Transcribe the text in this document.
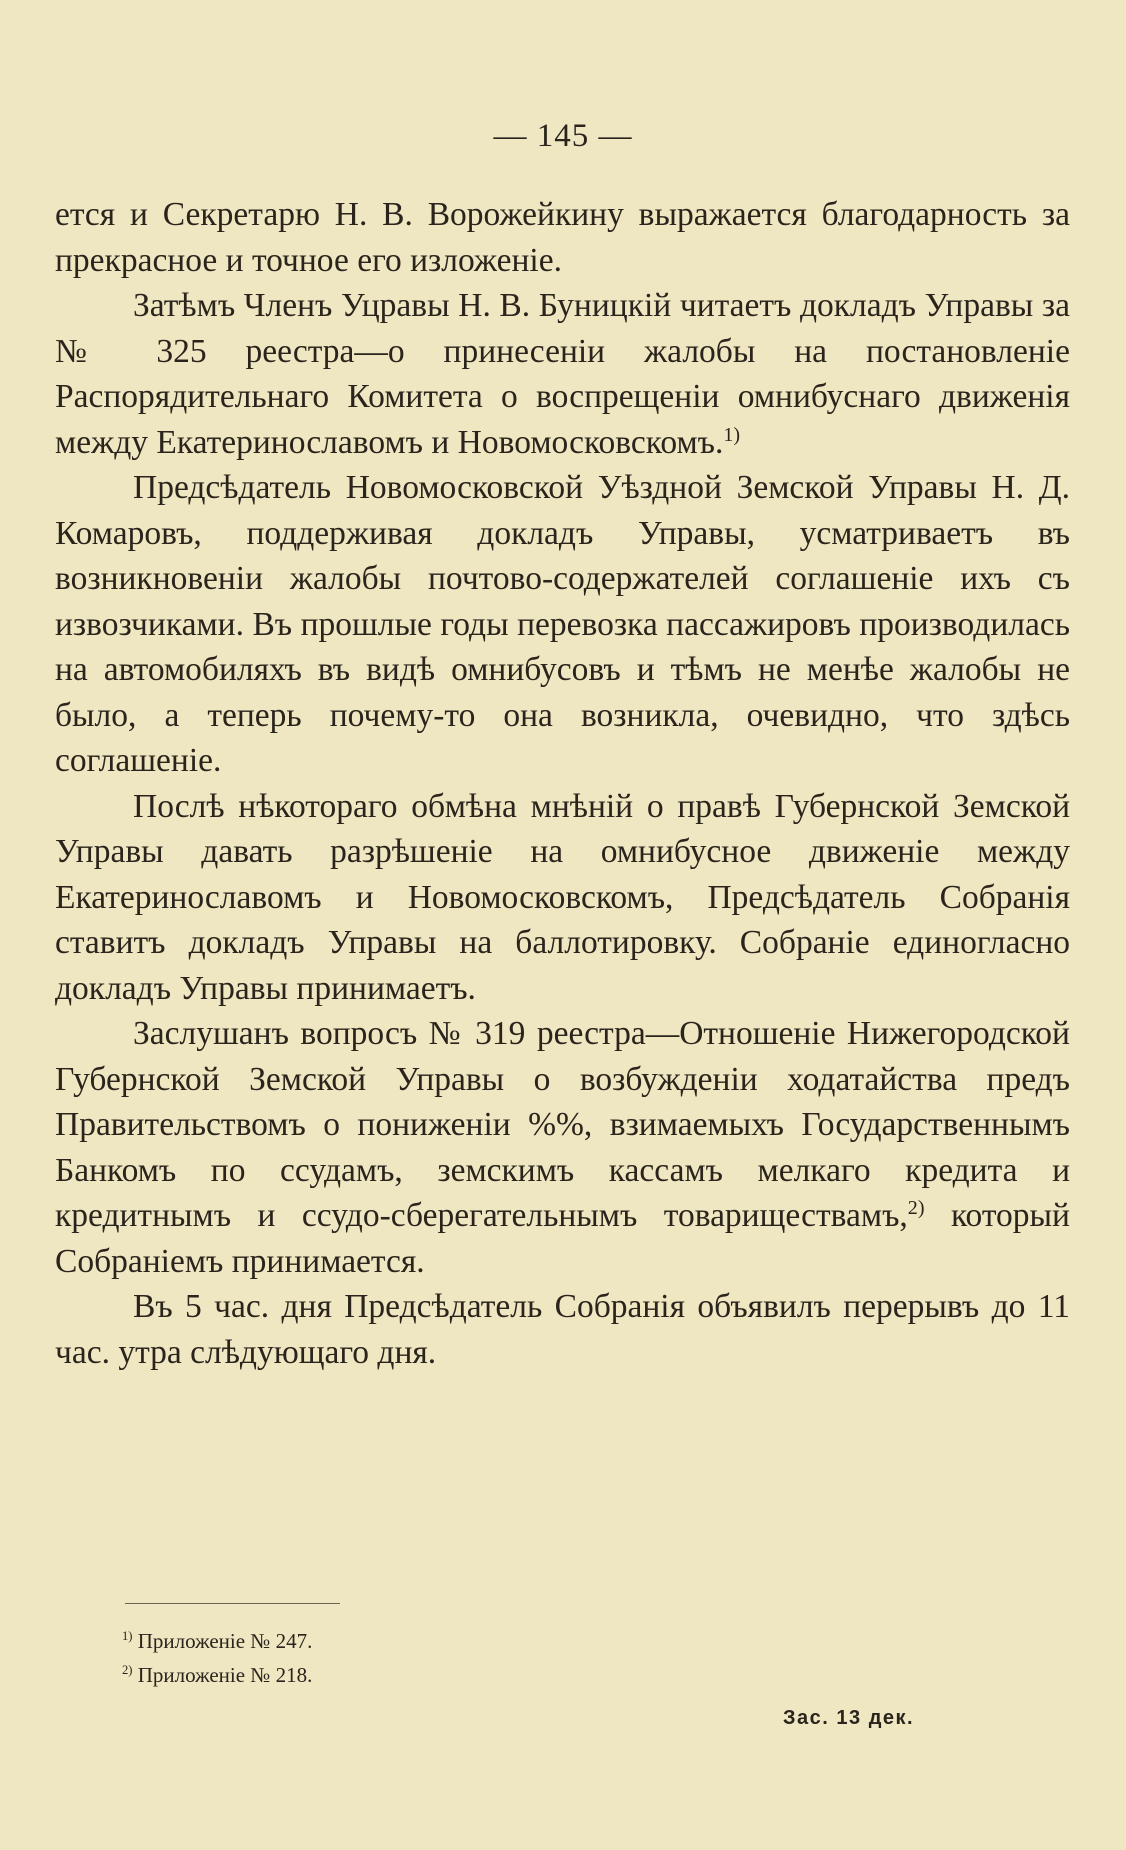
— 145 —

ется и Секретарю Н. В. Ворожейкину выражается благодарность за прекрасное и точное его изложеніе.

Затѣмъ Членъ Уцравы Н. В. Буницкій читаетъ докладъ Управы за № 325 реестра—о принесеніи жалобы на постановленіе Распорядительнаго Комитета о воспрещеніи омнибуснаго движенія между Екатеринославомъ и Новомосковскомъ.$^{1)}$

Предсѣдатель Новомосковской Уѣздной Земской Управы Н. Д. Комаровъ, поддерживая докладъ Управы, усматриваетъ въ возникновеніи жалобы почтово-содержателей соглашеніе ихъ съ извозчиками. Въ прошлые годы перевозка пассажировъ производилась на автомобиляхъ въ видѣ омнибусовъ и тѣмъ не менѣе жалобы не было, а теперь почему-то она возникла, очевидно, что здѣсь соглашеніе.

Послѣ нѣкотораго обмѣна мнѣній о правѣ Губернской Земской Управы давать разрѣшеніе на омнибусное движеніе между Екатеринославомъ и Новомосковскомъ, Предсѣдатель Собранія ставитъ докладъ Управы на баллотировку. Собраніе единогласно докладъ Управы принимаетъ.

Заслушанъ вопросъ № 319 реестра—Отношеніе Нижегородской Губернской Земской Управы о возбужденіи ходатайства предъ Правительствомъ о пониженіи %%, взимаемыхъ Государственнымъ Банкомъ по ссудамъ, земскимъ кассамъ мелкаго кредита и кредитнымъ и ссудо-сберегательнымъ товариществамъ,$^{2)}$ который Собраніемъ принимается.

Въ 5 час. дня Предсѣдатель Собранія объявилъ перерывъ до 11 час. утра слѣдующаго дня.

$^{1)}$ Приложеніе № 247.
$^{2)}$ Приложеніе № 218.
Зас. 13 дек.
